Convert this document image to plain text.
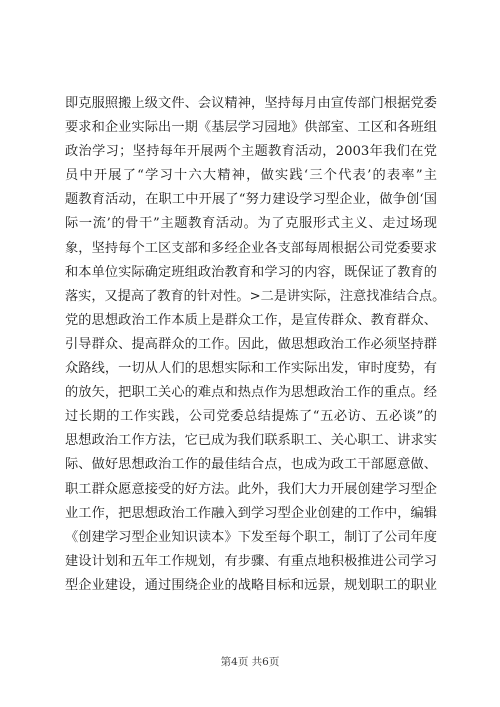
即克服照搬上级文件、会议精神，坚持每月由宣传部门根据党委
要求和企业实际出一期《基层学习园地》供部室、工区和各班组
政治学习；坚持每年开展两个主题教育活动，2003年我们在党
员中开展了“学习十六大精神，做实践‘三个代表’的表率”主
题教育活动，在职工中开展了“努力建设学习型企业，做争创‘国
际一流’的骨干”主题教育活动。为了克服形式主义、走过场现
象，坚持每个工区支部和多经企业各支部每周根据公司党委要求
和本单位实际确定班组政治教育和学习的内容，既保证了教育的
落实，又提高了教育的针对性。>二是讲实际，注意找准结合点。
党的思想政治工作本质上是群众工作，是宣传群众、教育群众、
引导群众、提高群众的工作。因此，做思想政治工作必须坚持群
众路线，一切从人们的思想实际和工作实际出发，审时度势，有
的放矢，把职工关心的难点和热点作为思想政治工作的重点。经
过长期的工作实践，公司党委总结提炼了“五必访、五必谈”的
思想政治工作方法，它已成为我们联系职工、关心职工、讲求实
际、做好思想政治工作的最佳结合点，也成为政工干部愿意做、
职工群众愿意接受的好方法。此外，我们大力开展创建学习型企
业工作，把思想政治工作融入到学习型企业创建的工作中，编辑
《创建学习型企业知识读本》下发至每个职工，制订了公司年度
建设计划和五年工作规划，有步骤、有重点地积极推进公司学习
型企业建设，通过围绕企业的战略目标和远景，规划职工的职业
第4页 共6页
